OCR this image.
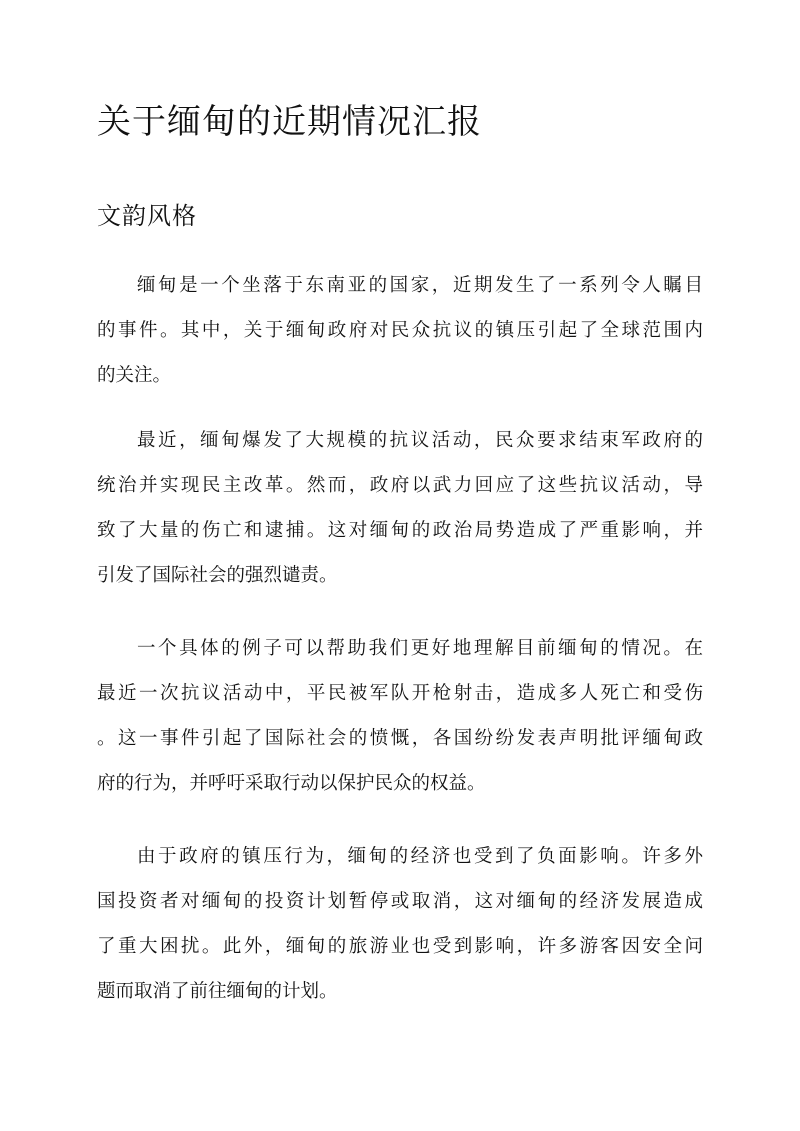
关于缅甸的近期情况汇报
文韵风格

缅甸是一个坐落于东南亚的国家，近期发生了一系列令人瞩目
的事件。其中，关于缅甸政府对民众抗议的镇压引起了全球范围内
的关注。

最近，缅甸爆发了大规模的抗议活动，民众要求结束军政府的
统治并实现民主改革。然而，政府以武力回应了这些抗议活动，导
致了大量的伤亡和逮捕。这对缅甸的政治局势造成了严重影响，并
引发了国际社会的强烈谴责。

一个具体的例子可以帮助我们更好地理解目前缅甸的情况。在
最近一次抗议活动中，平民被军队开枪射击，造成多人死亡和受伤
。这一事件引起了国际社会的愤慨，各国纷纷发表声明批评缅甸政
府的行为，并呼吁采取行动以保护民众的权益。

由于政府的镇压行为，缅甸的经济也受到了负面影响。许多外
国投资者对缅甸的投资计划暂停或取消，这对缅甸的经济发展造成
了重大困扰。此外，缅甸的旅游业也受到影响，许多游客因安全问
题而取消了前往缅甸的计划。
